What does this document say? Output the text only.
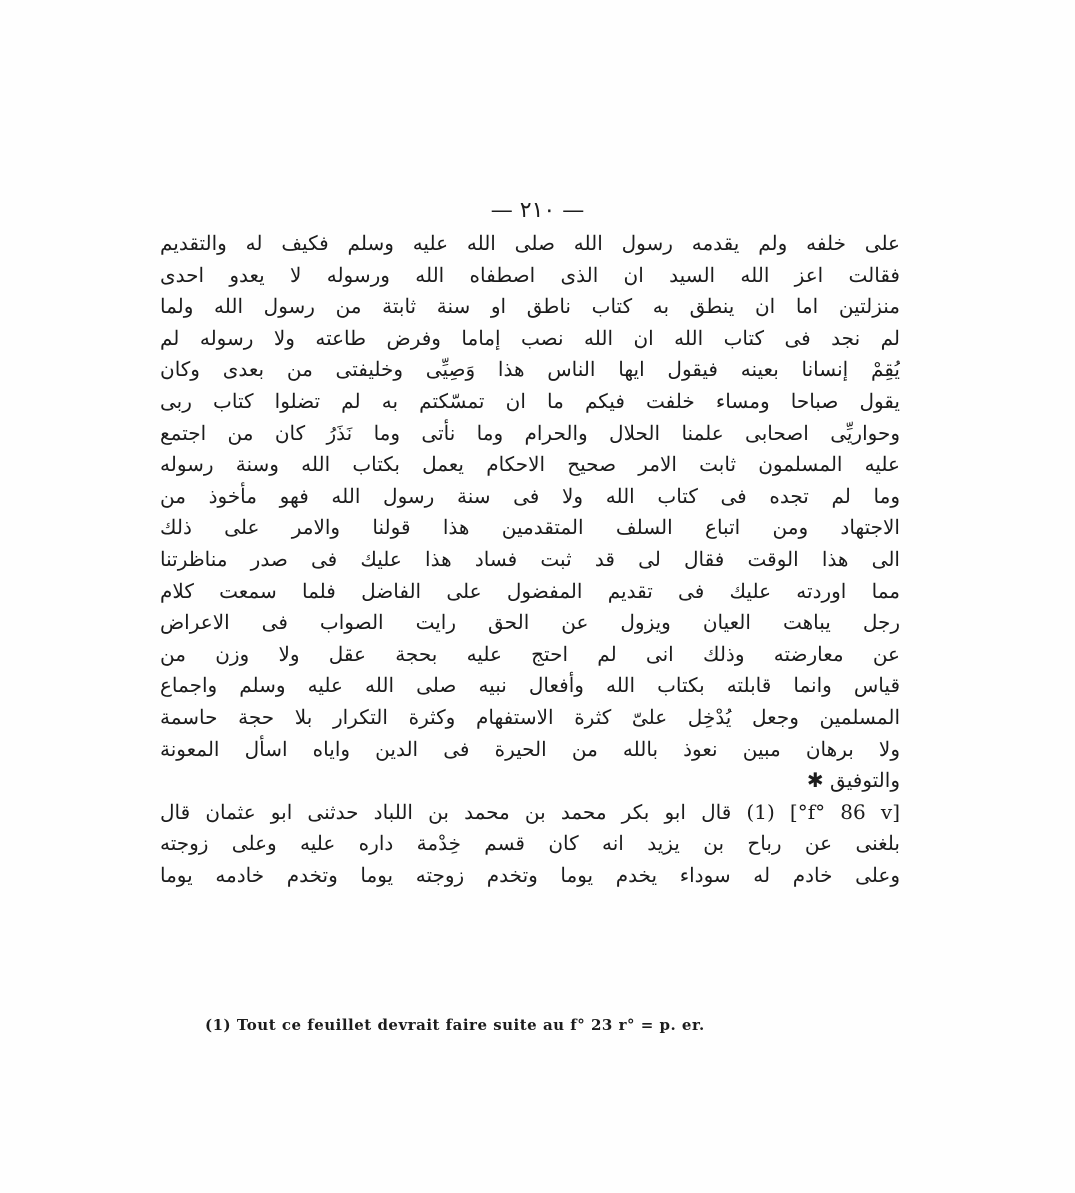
— ٢١٠ —
على خلفه ولم يقدمه رسول الله صلى الله عليه وسلم فكيف له والتقديم
فقالت اعز الله السيد ان الذى اصطفاه الله ورسوله لا يعدو احدى
منزلتين اما ان ينطق به كتاب ناطق او سنة ثابتة من رسول الله ولما
لم نجد فى كتاب الله ان الله نصب إماما وفرض طاعته ولا رسوله لم
يُقِمْ إنسانا بعينه فيقول ايها الناس هذا وَصِيِّى وخليفتى من بعدى وكان
يقول صباحا ومساء خلفت فيكم ما ان تمسّكتم به لم تضلوا كتاب ربى
وحواريِّى اصحابى علمنا الحلال والحرام وما نأتى وما نَذَرُ كان من اجتمع
عليه المسلمون ثابت الامر صحيح الاحكام يعمل بكتاب الله وسنة رسوله
وما لم تجده فى كتاب الله ولا فى سنة رسول الله فهو مأخوذ من
الاجتهاد ومن اتباع السلف المتقدمين هذا قولنا والامر على ذلك
الى هذا الوقت فقال لى قد ثبت فساد هذا عليك فى صدر مناظرتنا
مما اوردته عليك فى تقديم المفضول على الفاضل فلما سمعت كلام
رجل يباهت العيان ويزول عن الحق رايت الصواب فى الاعراض
عن معارضته وذلك انى لم احتج عليه بحجة عقل ولا وزن من
قياس وانما قابلته بكتاب الله وأفعال نبيه صلى الله عليه وسلم واجماع
المسلمين وجعل يُدْخِل علىّ كثرة الاستفهام وكثرة التكرار بلا حجة حاسمة
ولا برهان مبين نعوذ بالله من الحيرة فى الدين واياه اسأل المعونة
والتوفيق ✱
[f° 86 v°] (1) قال ابو بكر محمد بن محمد بن اللباد حدثنى ابو عثمان قال
بلغنى عن رباح بن يزيد انه كان قسم خِدْمة داره عليه وعلى زوجته
وعلى خادم له سوداء يخدم يوما وتخدم زوجته يوما وتخدم خادمه يوما
(1) Tout ce feuillet devrait faire suite au f° 23 r° = p. er.
